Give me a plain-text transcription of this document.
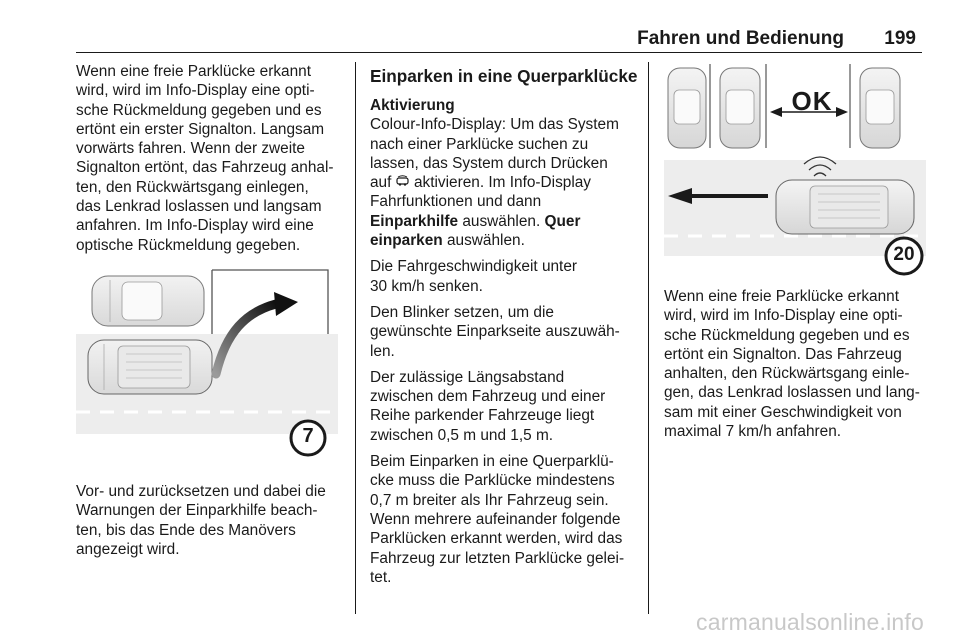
Fahren und Bedienung 199

Wenn eine freie Parklücke erkannt
wird, wird im Info-Display eine opti-
sche Rückmeldung gegeben und es
ertönt ein erster Signalton. Langsam
vorwärts fahren. Wenn der zweite
Signalton ertönt, das Fahrzeug anhal-
ten, den Rückwärtsgang einlegen,
das Lenkrad loslassen und langsam
anfahren. Im Info-Display wird eine
optische Rückmeldung gegeben.

7

Vor- und zurücksetzen und dabei die
Warnungen der Einparkhilfe beach-
ten, bis das Ende des Manövers
angezeigt wird.

Einparken in eine Querparklücke
Aktivierung

Colour-Info-Display: Um das System
nach einer Parklücke suchen zu
lassen, das System durch Drücken
auf  aktivieren. Im Info-Display
Fahrfunktionen und dann
Einparkhilfe auswählen. Quer
einparken auswählen.

Die Fahrgeschwindigkeit unter
30 km/h senken.

Den Blinker setzen, um die
gewünschte Einparkseite auszuwäh-
len.

Der zulässige Längsabstand
zwischen dem Fahrzeug und einer
Reihe parkender Fahrzeuge liegt
zwischen 0,5 m und 1,5 m.

Beim Einparken in eine Querparklü-
cke muss die Parklücke mindestens
0,7 m breiter als Ihr Fahrzeug sein.
Wenn mehrere aufeinander folgende
Parklücken erkannt werden, wird das
Fahrzeug zur letzten Parklücke gelei-
tet.

OK
20

Wenn eine freie Parklücke erkannt
wird, wird im Info-Display eine opti-
sche Rückmeldung gegeben und es
ertönt ein Signalton. Das Fahrzeug
anhalten, den Rückwärtsgang einle-
gen, das Lenkrad loslassen und lang-
sam mit einer Geschwindigkeit von
maximal 7 km/h anfahren.

carmanualsonline.info
